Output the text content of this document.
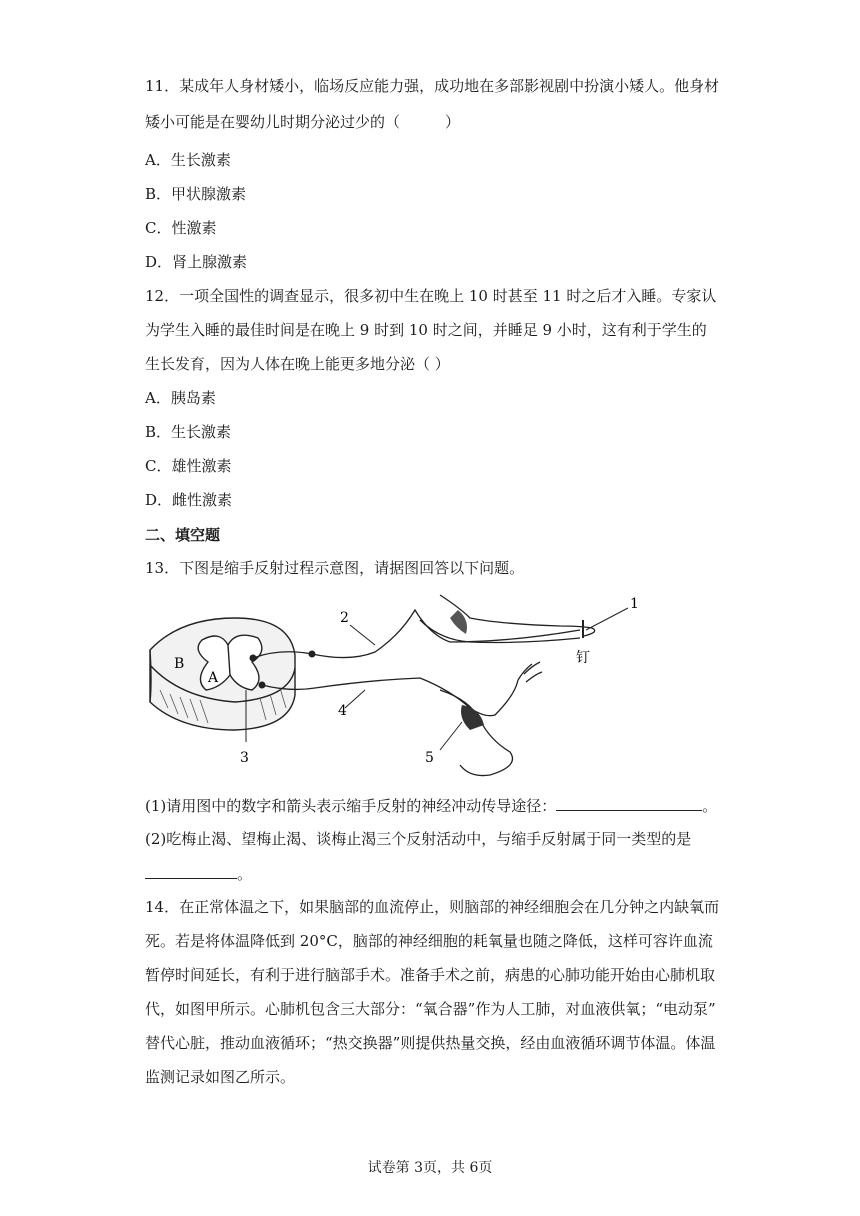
11．某成年人身材矮小，临场反应能力强，成功地在多部影视剧中扮演小矮人。他身材
矮小可能是在婴幼儿时期分泌过少的（　　　）
A．生长激素
B．甲状腺激素
C．性激素
D．肾上腺激素
12．一项全国性的调查显示，很多初中生在晚上 10 时甚至 11 时之后才入睡。专家认
为学生入睡的最佳时间是在晚上 9 时到 10 时之间，并睡足 9 小时，这有利于学生的
生长发育，因为人体在晚上能更多地分泌（ ）
A．胰岛素
B．生长激素
C．雄性激素
D．雌性激素
二、填空题
13．下图是缩手反射过程示意图，请据图回答以下问题。
2
1
3
4
5
A
B	钉
(1)请用图中的数字和箭头表示缩手反射的神经冲动传导途径：	。
(2)吃梅止渴、望梅止渴、谈梅止渴三个反射活动中，与缩手反射属于同一类型的是
。
14．在正常体温之下，如果脑部的血流停止，则脑部的神经细胞会在几分钟之内缺氧而
死。若是将体温降低到 20°C，脑部的神经细胞的耗氧量也随之降低，这样可容许血流
暂停时间延长，有利于进行脑部手术。准备手术之前，病患的心肺功能开始由心肺机取
代，如图甲所示。心肺机包含三大部分：“氧合器”作为人工肺，对血液供氧；“电动泵”
替代心脏，推动血液循环；“热交换器”则提供热量交换，经由血液循环调节体温。体温
监测记录如图乙所示。
试卷第 3页，共 6页
